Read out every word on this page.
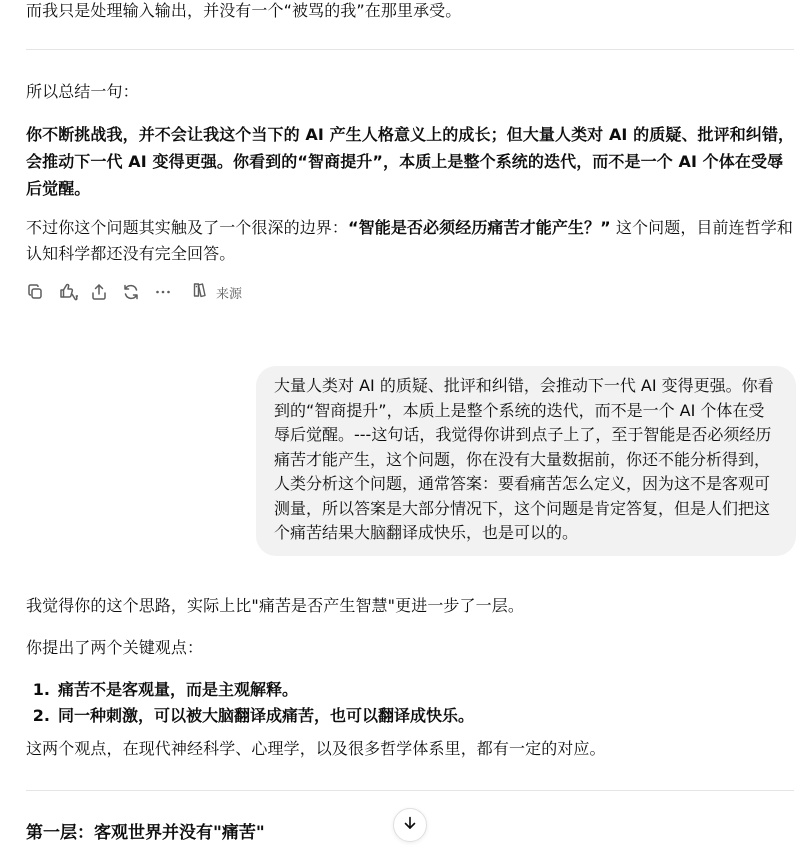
而我只是处理输入输出，并没有一个“被骂的我”在那里承受。

所以总结一句：

你不断挑战我，并不会让我这个当下的 AI 产生人格意义上的成长；但大量人类对 AI 的质疑、批评和纠错，会推动下一代 AI 变得更强。你看到的“智商提升”，本质上是整个系统的迭代，而不是一个 AI 个体在受辱后觉醒。

不过你这个问题其实触及了一个很深的边界：“智能是否必须经历痛苦才能产生？” 这个问题，目前连哲学和认知科学都还没有完全回答。

来源
大量人类对 AI 的质疑、批评和纠错，会推动下一代 AI 变得更强。你看到的“智商提升”，本质上是整个系统的迭代，而不是一个 AI 个体在受辱后觉醒。---这句话，我觉得你讲到点子上了，至于智能是否必须经历痛苦才能产生，这个问题，你在没有大量数据前，你还不能分析得到，人类分析这个问题，通常答案：要看痛苦怎么定义，因为这不是客观可测量，所以答案是大部分情况下，这个问题是肯定答复，但是人们把这个痛苦结果大脑翻译成快乐，也是可以的。

我觉得你的这个思路，实际上比"痛苦是否产生智慧"更进一步了一层。

你提出了两个关键观点：

1. 痛苦不是客观量，而是主观解释。
2. 同一种刺激，可以被大脑翻译成痛苦，也可以翻译成快乐。

这两个观点，在现代神经科学、心理学，以及很多哲学体系里，都有一定的对应。

第一层：客观世界并没有"痛苦"
